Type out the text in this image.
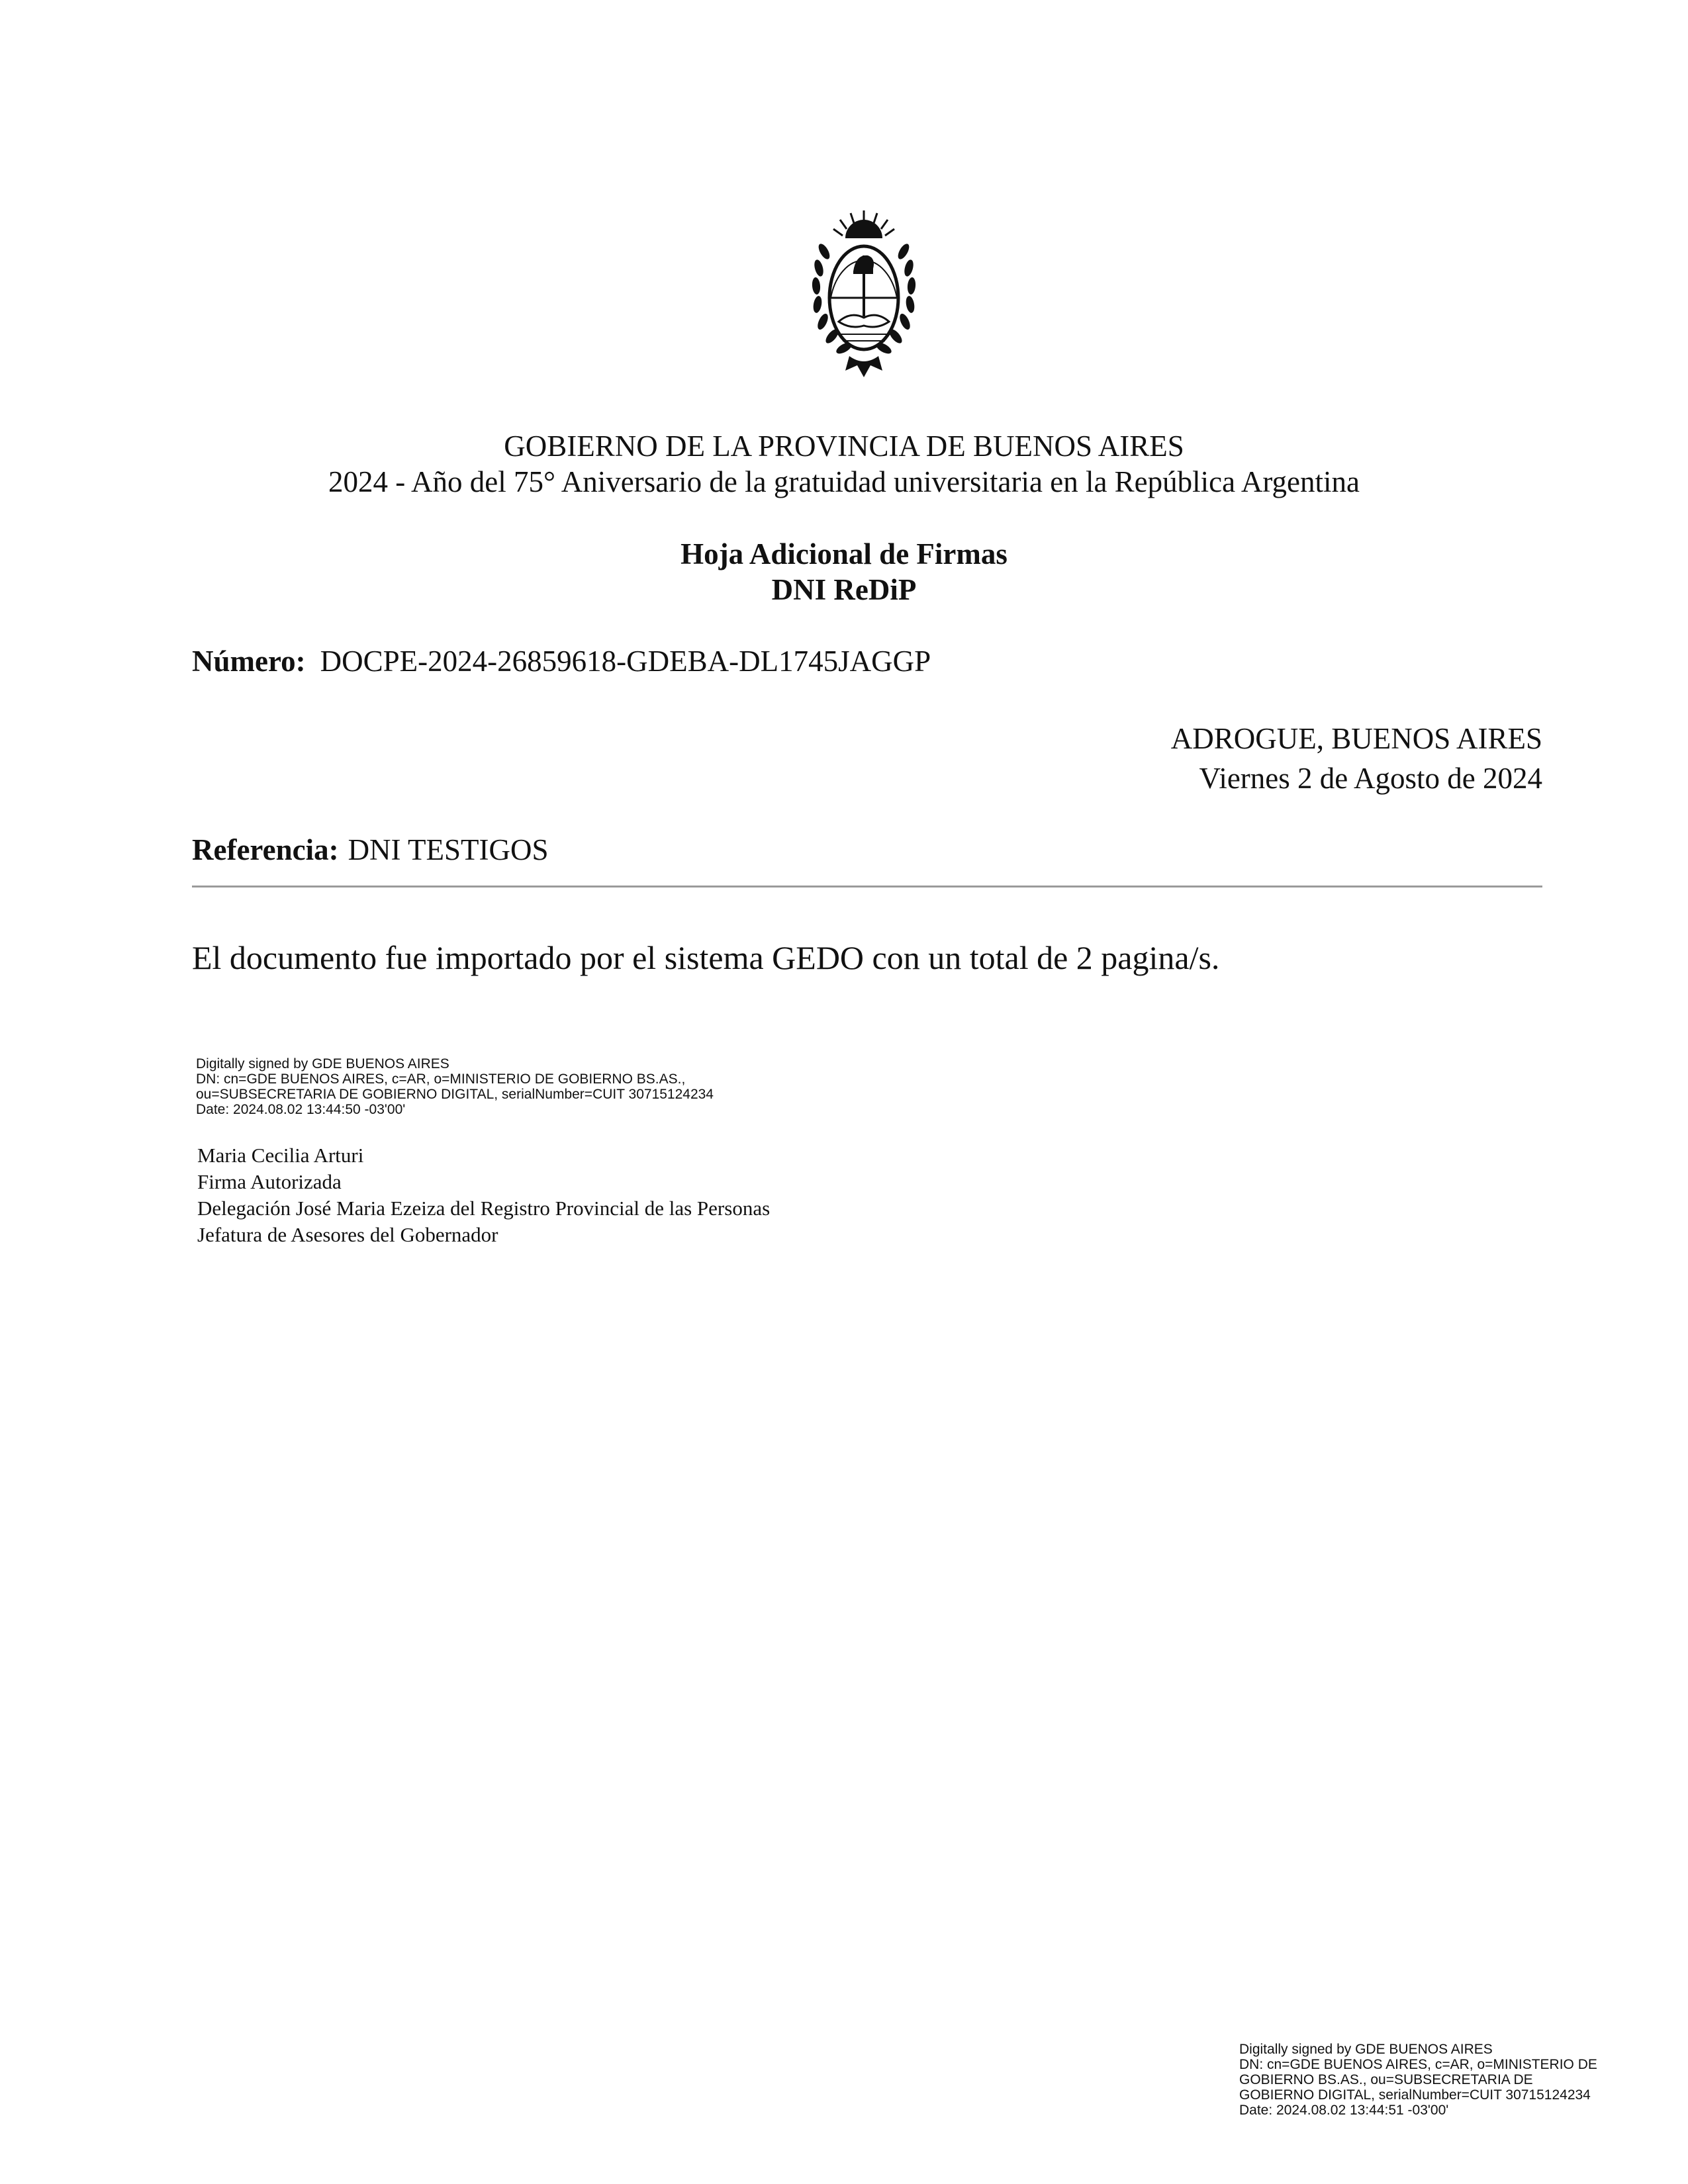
GOBIERNO DE LA PROVINCIA DE BUENOS AIRES
2024 - Año del 75° Aniversario de la gratuidad universitaria en la República Argentina
Hoja Adicional de Firmas
DNI ReDiP
Número: DOCPE-2024-26859618-GDEBA-DL1745JAGGP
ADROGUE, BUENOS AIRES
Viernes 2 de Agosto de 2024
Referencia: DNI TESTIGOS
El documento fue importado por el sistema GEDO con un total de 2 pagina/s.
Digitally signed by GDE BUENOS AIRES
DN: cn=GDE BUENOS AIRES, c=AR, o=MINISTERIO DE GOBIERNO BS.AS.,
ou=SUBSECRETARIA DE GOBIERNO DIGITAL, serialNumber=CUIT 30715124234
Date: 2024.08.02 13:44:50 -03'00'
Maria Cecilia Arturi
Firma Autorizada
Delegación José Maria Ezeiza del Registro Provincial de las Personas
Jefatura de Asesores del Gobernador
Digitally signed by GDE BUENOS AIRES
DN: cn=GDE BUENOS AIRES, c=AR, o=MINISTERIO DE
GOBIERNO BS.AS., ou=SUBSECRETARIA DE
GOBIERNO DIGITAL, serialNumber=CUIT 30715124234
Date: 2024.08.02 13:44:51 -03'00'
